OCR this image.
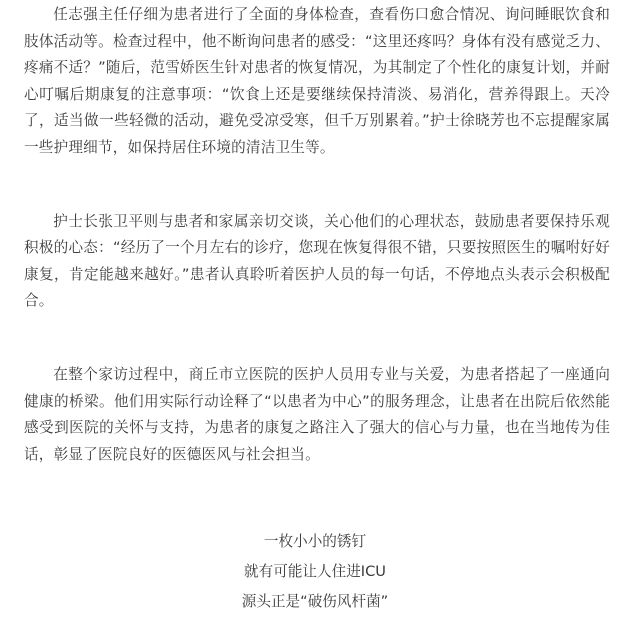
任志强主任仔细为患者进行了全面的身体检查，查看伤口愈合情况、询问睡眠饮食和肢体活动等。检查过程中，他不断询问患者的感受：“这里还疼吗？身体有没有感觉乏力、疼痛不适？”随后，范雪娇医生针对患者的恢复情况，为其制定了个性化的康复计划，并耐心叮嘱后期康复的注意事项：“饮食上还是要继续保持清淡、易消化，营养得跟上。天冷了，适当做一些轻微的活动，避免受凉受寒，但千万别累着。”护士徐晓芳也不忘提醒家属一些护理细节，如保持居住环境的清洁卫生等。

护士长张卫平则与患者和家属亲切交谈，关心他们的心理状态，鼓励患者要保持乐观积极的心态：“经历了一个月左右的诊疗，您现在恢复得很不错，只要按照医生的嘱咐好好康复，肯定能越来越好。”患者认真聆听着医护人员的每一句话，不停地点头表示会积极配合。

在整个家访过程中，商丘市立医院的医护人员用专业与关爱，为患者搭起了一座通向健康的桥梁。他们用实际行动诠释了“以患者为中心”的服务理念，让患者在出院后依然能感受到医院的关怀与支持，为患者的康复之路注入了强大的信心与力量，也在当地传为佳话，彰显了医院良好的医德医风与社会担当。

一枚小小的锈钉

就有可能让人住进ICU

源头正是“破伤风杆菌”
